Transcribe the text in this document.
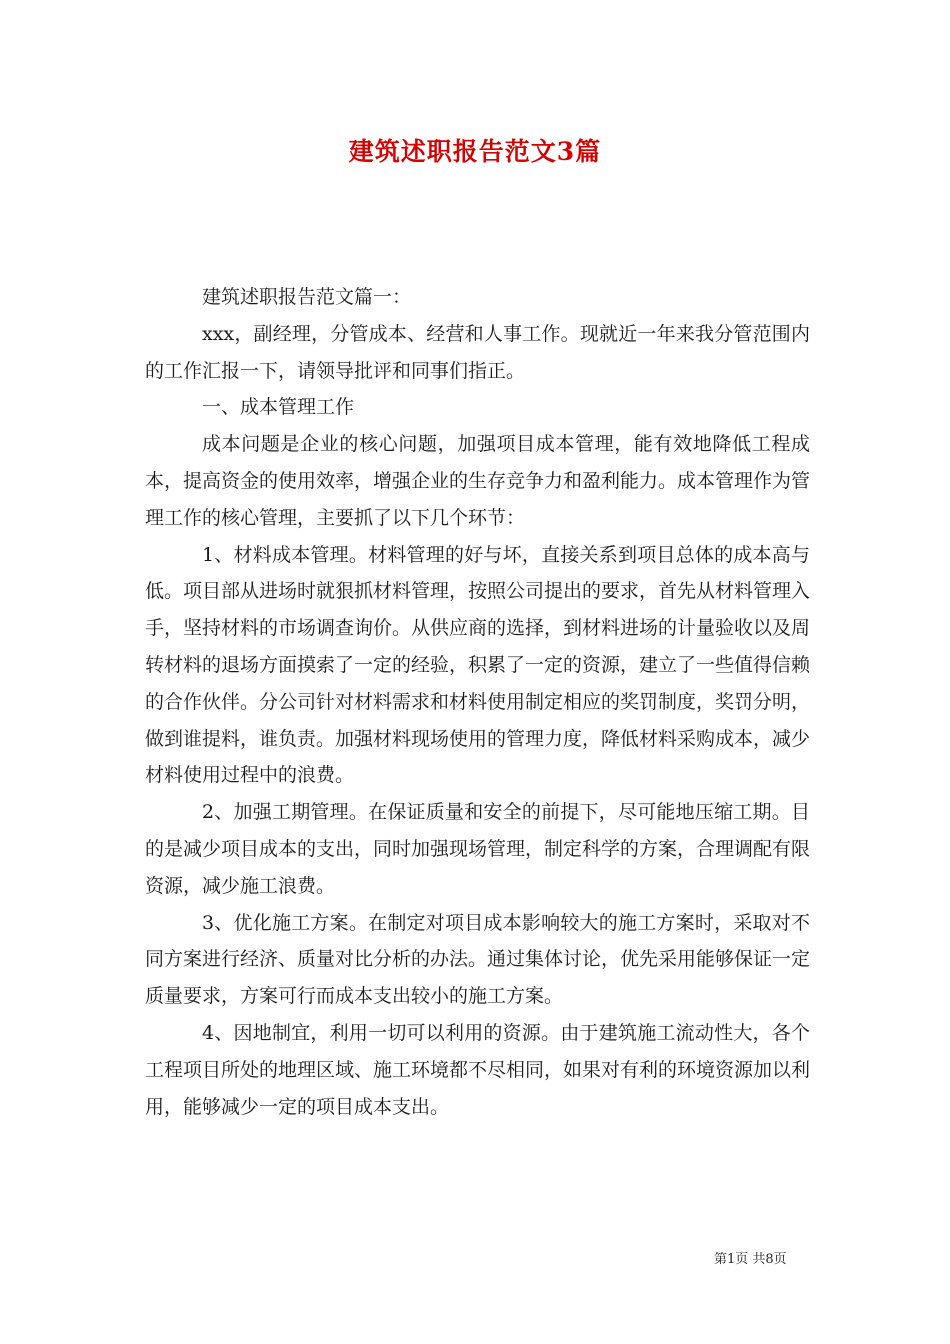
建筑述职报告范文3篇

建筑述职报告范文篇一：

xxx，副经理，分管成本、经营和人事工作。现就近一年来我分管范围内的工作汇报一下，请领导批评和同事们指正。

一、成本管理工作

成本问题是企业的核心问题，加强项目成本管理，能有效地降低工程成本，提高资金的使用效率，增强企业的生存竞争力和盈利能力。成本管理作为管理工作的核心管理，主要抓了以下几个环节：

1、材料成本管理。材料管理的好与坏，直接关系到项目总体的成本高与低。项目部从进场时就狠抓材料管理，按照公司提出的要求，首先从材料管理入手，坚持材料的市场调查询价。从供应商的选择，到材料进场的计量验收以及周转材料的退场方面摸索了一定的经验，积累了一定的资源，建立了一些值得信赖的合作伙伴。分公司针对材料需求和材料使用制定相应的奖罚制度，奖罚分明，做到谁提料，谁负责。加强材料现场使用的管理力度，降低材料采购成本，减少材料使用过程中的浪费。

2、加强工期管理。在保证质量和安全的前提下，尽可能地压缩工期。目的是减少项目成本的支出，同时加强现场管理，制定科学的方案，合理调配有限资源，减少施工浪费。

3、优化施工方案。在制定对项目成本影响较大的施工方案时，采取对不同方案进行经济、质量对比分析的办法。通过集体讨论，优先采用能够保证一定质量要求，方案可行而成本支出较小的施工方案。

4、因地制宜，利用一切可以利用的资源。由于建筑施工流动性大，各个工程项目所处的地理区域、施工环境都不尽相同，如果对有利的环境资源加以利用，能够减少一定的项目成本支出。

第1页 共8页
